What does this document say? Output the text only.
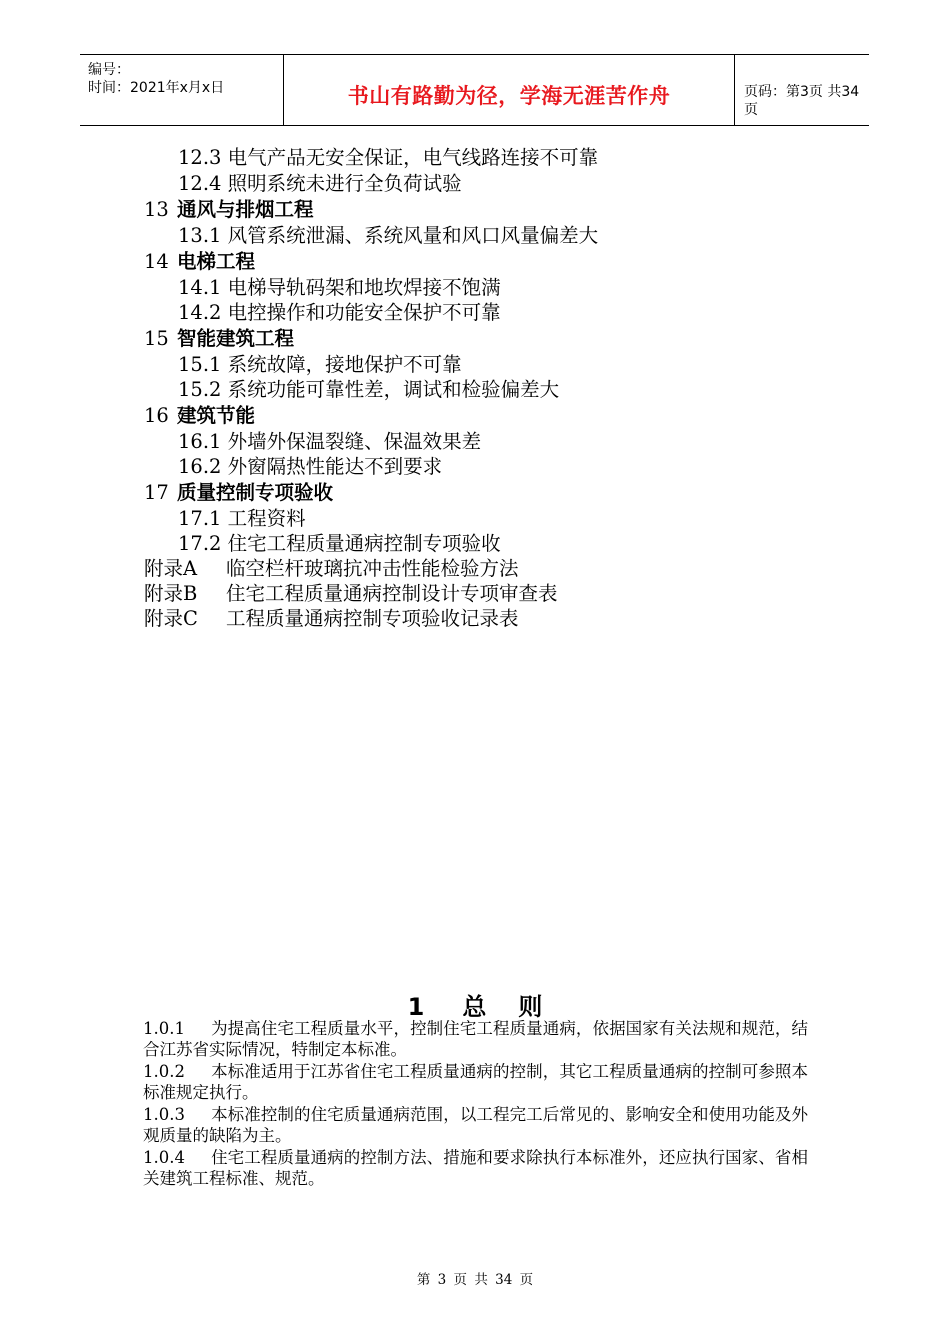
编号：
时间：2021年x月x日	书山有路勤为径，学海无涯苦作舟	页码：第3页 共34页
12.3 电气产品无安全保证，电气线路连接不可靠
12.4 照明系统未进行全负荷试验
13 通风与排烟工程
13.1 风管系统泄漏、系统风量和风口风量偏差大
14 电梯工程
14.1 电梯导轨码架和地坎焊接不饱满
14.2 电控操作和功能安全保护不可靠
15 智能建筑工程
15.1 系统故障，接地保护不可靠
15.2 系统功能可靠性差，调试和检验偏差大
16 建筑节能
16.1 外墙外保温裂缝、保温效果差
16.2 外窗隔热性能达不到要求
17 质量控制专项验收
17.1 工程资料
17.2 住宅工程质量通病控制专项验收
附录A 临空栏杆玻璃抗冲击性能检验方法
附录B 住宅工程质量通病控制设计专项审查表
附录C 工程质量通病控制专项验收记录表
1 总 则
1.0.1 为提高住宅工程质量水平，控制住宅工程质量通病，依据国家有关法规和规范，结合江苏省实际情况，特制定本标准。
1.0.2 本标准适用于江苏省住宅工程质量通病的控制，其它工程质量通病的控制可参照本标准规定执行。
1.0.3 本标准控制的住宅质量通病范围，以工程完工后常见的、影响安全和使用功能及外观质量的缺陷为主。
1.0.4 住宅工程质量通病的控制方法、措施和要求除执行本标准外，还应执行国家、省相关建筑工程标准、规范。
第 3 页 共 34 页
